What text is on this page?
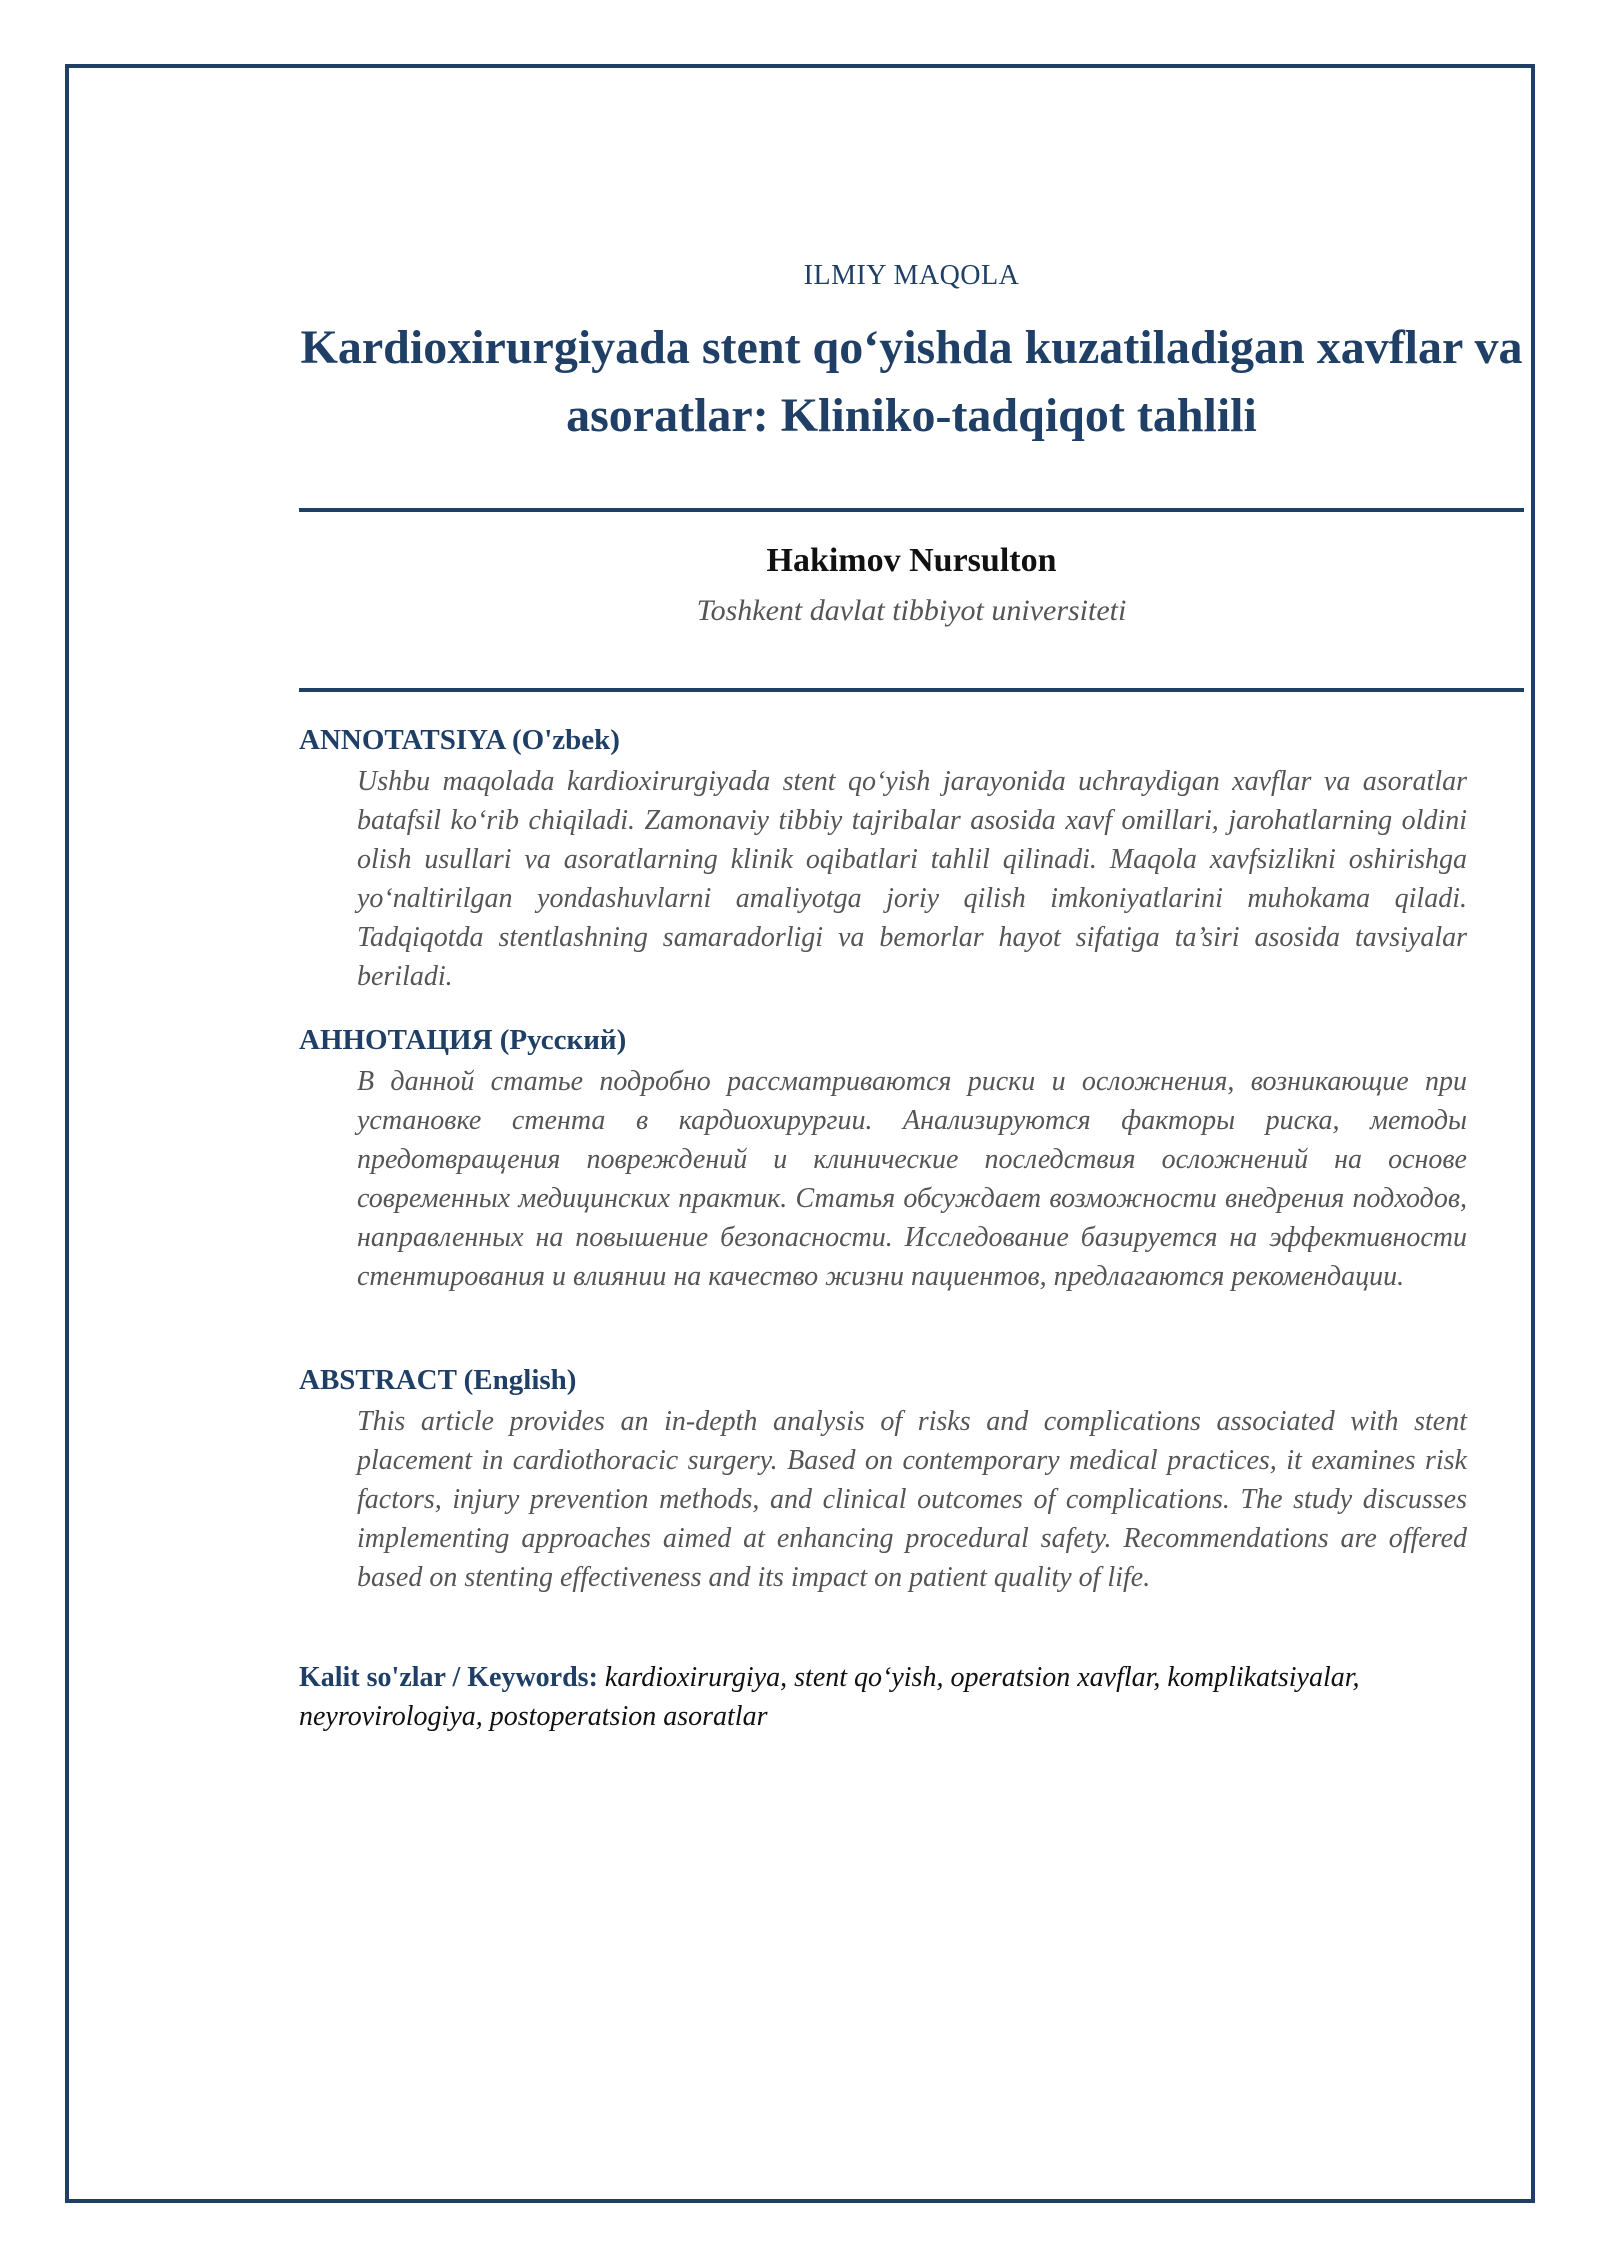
ILMIY MAQOLA
Kardioxirurgiyada stent qo‘yishda kuzatiladigan xavflar va asoratlar: Kliniko-tadqiqot tahlili
Hakimov Nursulton
Toshkent davlat tibbiyot universiteti
ANNOTATSIYA (O'zbek)

Ushbu maqolada kardioxirurgiyada stent qo‘yish jarayonida uchraydigan xavflar va asoratlar batafsil ko‘rib chiqiladi. Zamonaviy tibbiy tajribalar asosida xavf omillari, jarohatlarning oldini olish usullari va asoratlarning klinik oqibatlari tahlil qilinadi. Maqola xavfsizlikni oshirishga yo‘naltirilgan yondashuvlarni amaliyotga joriy qilish imkoniyatlarini muhokama qiladi. Tadqiqotda stentlashning samaradorligi va bemorlar hayot sifatiga ta’siri asosida tavsiyalar beriladi.

АННОТАЦИЯ (Русский)

В данной статье подробно рассматриваются риски и осложнения, возникающие при установке стента в кардиохирургии. Анализируются факторы риска, методы предотвращения повреждений и клинические последствия осложнений на основе современных медицинских практик. Статья обсуждает возможности внедрения подходов, направленных на повышение безопасности. Исследование базируется на эффективности стентирования и влиянии на качество жизни пациентов, предлагаются рекомендации.

ABSTRACT (English)

This article provides an in-depth analysis of risks and complications associated with stent placement in cardiothoracic surgery. Based on contemporary medical practices, it examines risk factors, injury prevention methods, and clinical outcomes of complications. The study discusses implementing approaches aimed at enhancing procedural safety. Recommendations are offered based on stenting effectiveness and its impact on patient quality of life.

Kalit so'zlar / Keywords: kardioxirurgiya, stent qo‘yish, operatsion xavflar, komplikatsiyalar, neyrovirologiya, postoperatsion asoratlar
